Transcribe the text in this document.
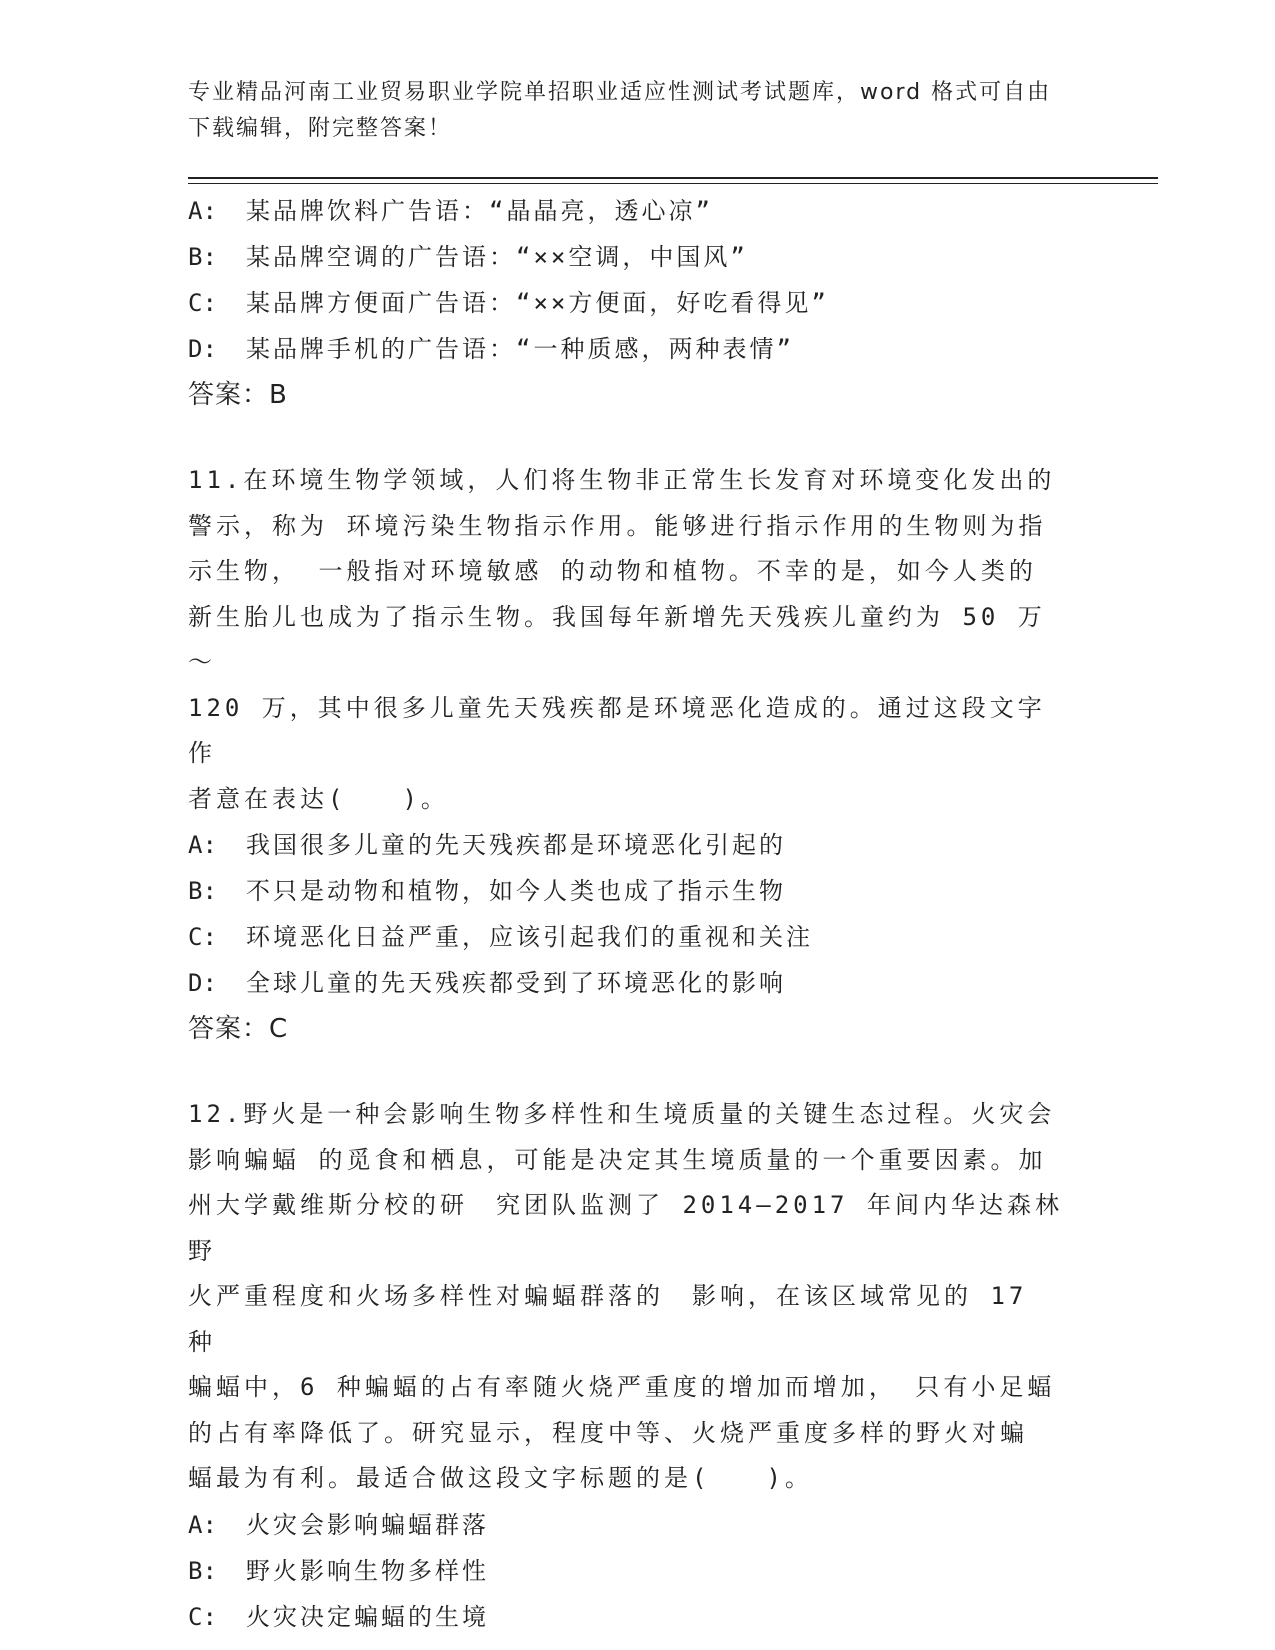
专业精品河南工业贸易职业学院单招职业适应性测试考试题库，word 格式可自由
下载编辑，附完整答案！
A: 某品牌饮料广告语：“晶晶亮，透心凉”
B: 某品牌空调的广告语：“××空调，中国风”
C: 某品牌方便面广告语：“××方便面，好吃看得见”
D: 某品牌手机的广告语：“一种质感，两种表情”
答案：B
11.在环境生物学领域，人们将生物非正常生长发育对环境变化发出的
警示，称为 环境污染生物指示作用。能够进行指示作用的生物则为指
示生物， 一般指对环境敏感 的动物和植物。不幸的是，如今人类的
新生胎儿也成为了指示生物。我国每年新增先天残疾儿童约为 50 万～
120 万，其中很多儿童先天残疾都是环境恶化造成的。通过这段文字作
者意在表达(　　)。
A: 我国很多儿童的先天残疾都是环境恶化引起的
B: 不只是动物和植物，如今人类也成了指示生物
C: 环境恶化日益严重，应该引起我们的重视和关注
D: 全球儿童的先天残疾都受到了环境恶化的影响
答案：C
12.野火是一种会影响生物多样性和生境质量的关键生态过程。火灾会
影响蝙蝠 的觅食和栖息，可能是决定其生境质量的一个重要因素。加
州大学戴维斯分校的研　究团队监测了 2014—2017 年间内华达森林野
火严重程度和火场多样性对蝙蝠群落的　影响，在该区域常见的 17 种
蝙蝠中，6 种蝙蝠的占有率随火烧严重度的增加而增加， 只有小足蝠
的占有率降低了。研究显示，程度中等、火烧严重度多样的野火对蝙
蝠最为有利。最适合做这段文字标题的是(　　)。
A: 火灾会影响蝙蝠群落
B: 野火影响生物多样性
C: 火灾决定蝙蝠的生境
